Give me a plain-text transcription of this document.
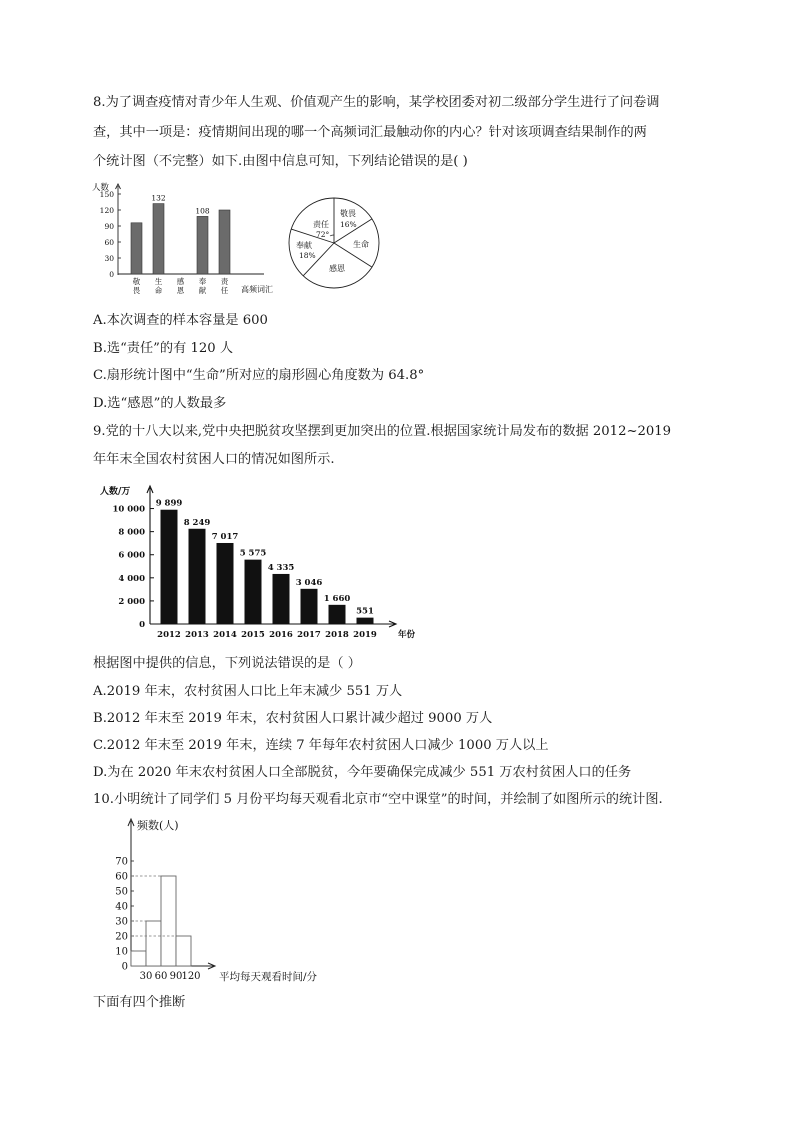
8.为了调查疫情对青少年人生观、价值观产生的影响，某学校团委对初二级部分学生进行了问卷调
查，其中一项是：疫情期间出现的哪一个高频词汇最触动你的内心？针对该项调查结果制作的两
个统计图（不完整）如下.由图中信息可知，下列结论错误的是( )
人数
高频词汇
150
120
90
60
30
0
敬
畏
132
生
命
感
恩
108
奉
献
责
任
责任
72°
敬畏
16%
生命
奉献
18%
感恩
A.本次调查的样本容量是 600
B.选“责任”的有 120 人
C.扇形统计图中“生命”所对应的扇形圆心角度数为 64.8°
D.选“感恩”的人数最多
9.党的十八大以来,党中央把脱贫攻坚摆到更加突出的位置.根据国家统计局发布的数据 2012~2019
年年末全国农村贫困人口的情况如图所示.
人数/万
年份
10 000
8 000
6 000
4 000
2 000
0
9 899
2012
8 249
2013
7 017
2014
5 575
2015
4 335
2016
3 046
2017
1 660
2018
551
2019
根据图中提供的信息，下列说法错误的是（ ）
A.2019 年末，农村贫困人口比上年末减少 551 万人
B.2012 年末至 2019 年末，农村贫困人口累计减少超过 9000 万人
C.2012 年末至 2019 年末，连续 7 年每年农村贫困人口减少 1000 万人以上
D.为在 2020 年末农村贫困人口全部脱贫，今年要确保完成减少 551 万农村贫困人口的任务
10.小明统计了同学们 5 月份平均每天观看北京市“空中课堂”的时间，并绘制了如图所示的统计图.
频数(人)
平均每天观看时间/分
70
60
50
40
30
20
10
0
30 60 90 120
下面有四个推断
